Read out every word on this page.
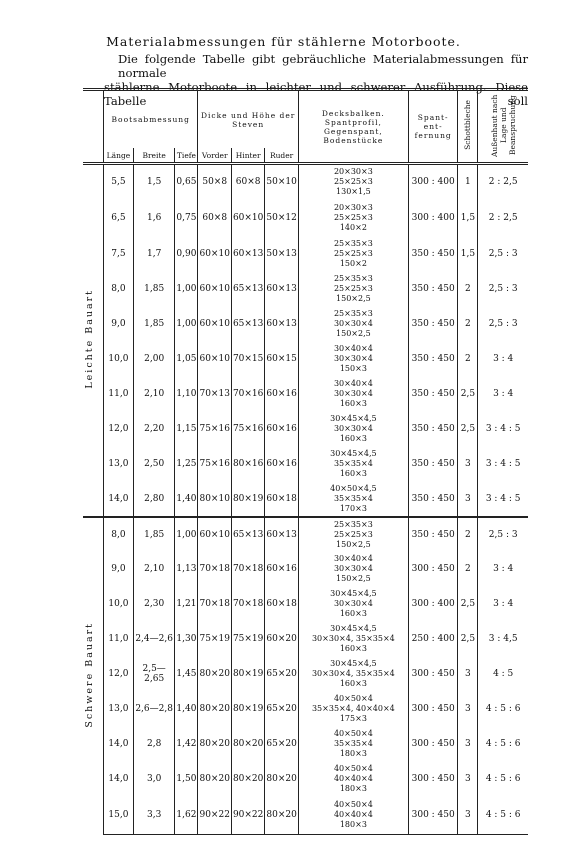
Materialabmessungen für stählerne Motorboote.
Die folgende Tabelle gibt gebräuchliche Materialabmessungen für normale
stählerne Motorboote in leichter und schwerer Ausführung. Diese Tabelle soll
	Bootsabmessung			Dicke und Höhe der Steven			Decksbalken. Spantprofil, Gegenspant, Bodenstücke	Spant-ent-fernung	Schottbleche	Außenhaut nach Lage und Beanspruchung
	Länge	Breite	Tiefe	Vorder	Hinter	Ruder				
Leichte Bauart	5,5	1,5	0,65	50×8	60×8	50×10	20×30×3
25×25×3
130×1,5	300 : 400	1	2 : 2,5
	6,5	1,6	0,75	60×8	60×10	50×12	20×30×3
25×25×3
140×2	300 : 400	1,5	2 : 2,5
	7,5	1,7	0,90	60×10	60×13	50×13	25×35×3
25×25×3
150×2	350 : 450	1,5	2,5 : 3
	8,0	1,85	1,00	60×10	65×13	60×13	25×35×3
25×25×3
150×2,5	350 : 450	2	2,5 : 3
	9,0	1,85	1,00	60×10	65×13	60×13	25×35×3
30×30×4
150×2,5	350 : 450	2	2,5 : 3
	10,0	2,00	1,05	60×10	70×15	60×15	30×40×4
30×30×4
150×3	350 : 450	2	3 : 4
	11,0	2,10	1,10	70×13	70×16	60×16	30×40×4
30×30×4
160×3	350 : 450	2,5	3 : 4
	12,0	2,20	1,15	75×16	75×16	60×16	30×45×4,5
30×30×4
160×3	350 : 450	2,5	3 : 4 : 5
	13,0	2,50	1,25	75×16	80×16	60×16	30×45×4,5
35×35×4
160×3	350 : 450	3	3 : 4 : 5
	14,0	2,80	1,40	80×10	80×19	60×18	40×50×4,5
35×35×4
170×3	350 : 450	3	3 : 4 : 5
Schwere Bauart	8,0	1,85	1,00	60×10	65×13	60×13	25×35×3
25×25×3
150×2,5	350 : 450	2	2,5 : 3
	9,0	2,10	1,13	70×18	70×18	60×16	30×40×4
30×30×4
150×2,5	300 : 450	2	3 : 4
	10,0	2,30	1,21	70×18	70×18	60×18	30×45×4,5
30×30×4
160×3	300 : 400	2,5	3 : 4
	11,0	2,4—2,6	1,30	75×19	75×19	60×20	30×45×4,5
30×30×4, 35×35×4
160×3	250 : 400	2,5	3 : 4,5
	12,0	2,5—2,65	1,45	80×20	80×19	65×20	30×45×4,5
30×30×4, 35×35×4
160×3	300 : 450	3	4 : 5
	13,0	2,6—2,8	1,40	80×20	80×19	65×20	40×50×4
35×35×4, 40×40×4
175×3	300 : 450	3	4 : 5 : 6
	14,0	2,8	1,42	80×20	80×20	65×20	40×50×4
35×35×4
180×3	300 : 450	3	4 : 5 : 6
	14,0	3,0	1,50	80×20	80×20	80×20	40×50×4
40×40×4
180×3	300 : 450	3	4 : 5 : 6
	15,0	3,3	1,62	90×22	90×22	80×20	40×50×4
40×40×4
180×3	300 : 450	3	4 : 5 : 6
